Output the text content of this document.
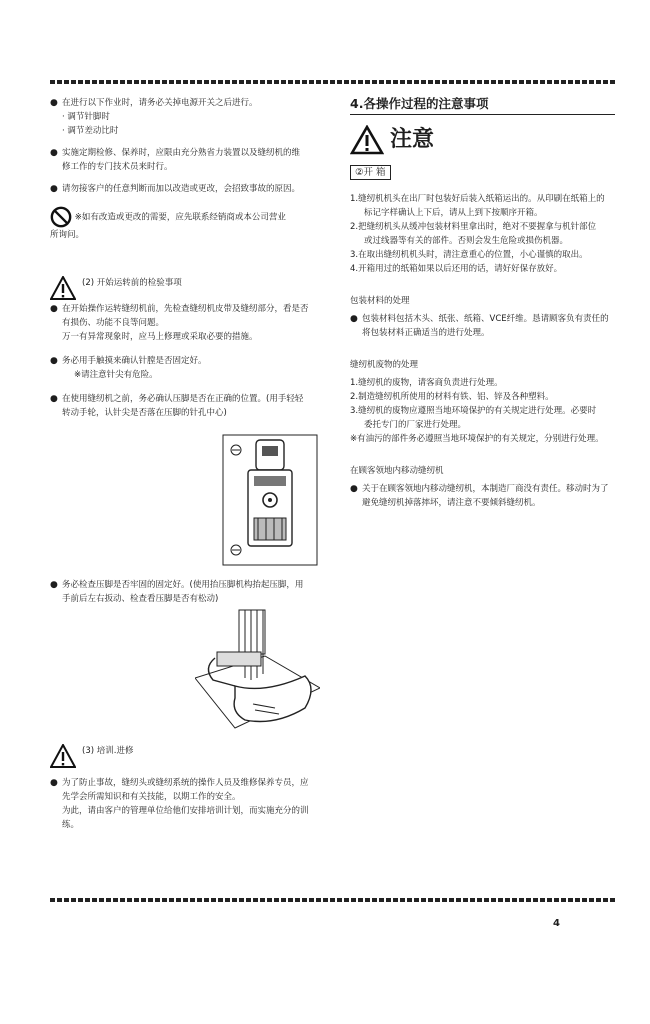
● 在进行以下作业时，请务必关掉电源开关之后进行。

· 调节针脚时

· 调节差动比时

● 实施定期检修、保养时，应限由充分熟省力装置以及缝纫机的维
修工作的专门技术员来时行。
● 请勿接客户的任意判断而加以改造或更改，会招致事故的原因。
※如有改造或更改的需要，应先联系经销商或本公司营业
所询问。
(2) 开始运转前的检验事项
● 在开始操作运转缝纫机前，先检查缝纫机皮带及缝纫部分，看是否
有损伤、功能不良等问题。
万一有异常现象时，应马上修理或采取必要的措施。
● 务必用手触摸来确认针膛是否固定好。
※请注意针尖有危险。
● 在使用缝纫机之前，务必确认压脚是否在正确的位置。(用手轻轻
转动手轮，认针尖是否落在压脚的针孔中心)
● 务必检查压脚是否牢固的固定好。(使用抬压脚机构抬起压脚，用
手前后左右扳动、检查看压脚是否有松动)
(3) 培训.进修
● 为了防止事故，缝纫头或缝纫系统的操作人员及维修保养专员，应
先学会所需知识和有关技能，以期工作的安全。
为此，请由客户的管理单位给他们安排培训计划，而实施充分的训
练。
4.各操作过程的注意事项
注意
②开 箱

1.缝纫机机头在出厂时包装好后装入纸箱运出的。从印刷在纸箱上的

标记字样确认上下后，请从上到下按顺序开箱。

2.把缝纫机头从缓冲包装材料里拿出时，绝对不要握拿与机针部位

或过线器等有关的部件。否则会发生危险或损伤机器。

3.在取出缝纫机机头时，清注意重心的位置，小心谨慎的取出。

4.开箱用过的纸箱如果以后还用的话，请好好保存放好。

包装材料的处理

● 包装材料包括木头、纸张、纸箱、VCE纤维。恳请顾客负有责任的
将包装材料正确适当的进行处理。

缝纫机废物的处理

1.缝纫机的废物，请客商负责进行处理。

2.制造缝纫机所使用的材料有铁、铝、锌及各种塑料。

3.缝纫机的废物应遵照当地环境保护的有关规定进行处理。必要时

委托专门的厂家进行处理。

※有油污的部件务必遵照当地环境保护的有关规定，分别进行处理。

在顾客领地内移动缝纫机

● 关于在顾客领地内移动缝纫机，本制造厂商没有责任。移动时为了
避免缝纫机掉落摔坏，请注意不要倾斜缝纫机。
4
